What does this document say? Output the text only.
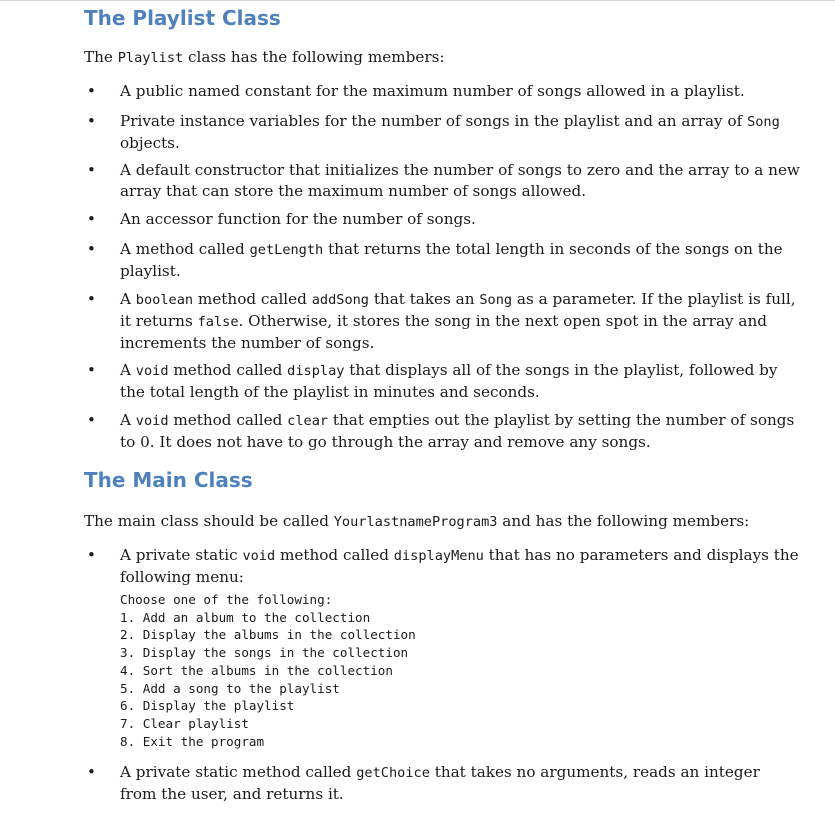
The Playlist Class

The Playlist class has the following members:

• A public named constant for the maximum number of songs allowed in a playlist.
• Private instance variables for the number of songs in the playlist and an array of Song objects.
• A default constructor that initializes the number of songs to zero and the array to a new array that can store the maximum number of songs allowed.
• An accessor function for the number of songs.
• A method called getLength that returns the total length in seconds of the songs on the playlist.
• A boolean method called addSong that takes an Song as a parameter. If the playlist is full, it returns false. Otherwise, it stores the song in the next open spot in the array and increments the number of songs.
• A void method called display that displays all of the songs in the playlist, followed by the total length of the playlist in minutes and seconds.
• A void method called clear that empties out the playlist by setting the number of songs to 0. It does not have to go through the array and remove any songs.
The Main Class

The main class should be called YourlastnameProgram3 and has the following members:

• A private static void method called displayMenu that has no parameters and displays the following menu:
Choose one of the following:
1. Add an album to the collection
2. Display the albums in the collection
3. Display the songs in the collection
4. Sort the albums in the collection
5. Add a song to the playlist
6. Display the playlist
7. Clear playlist
8. Exit the program
• A private static method called getChoice that takes no arguments, reads an integer from the user, and returns it.
